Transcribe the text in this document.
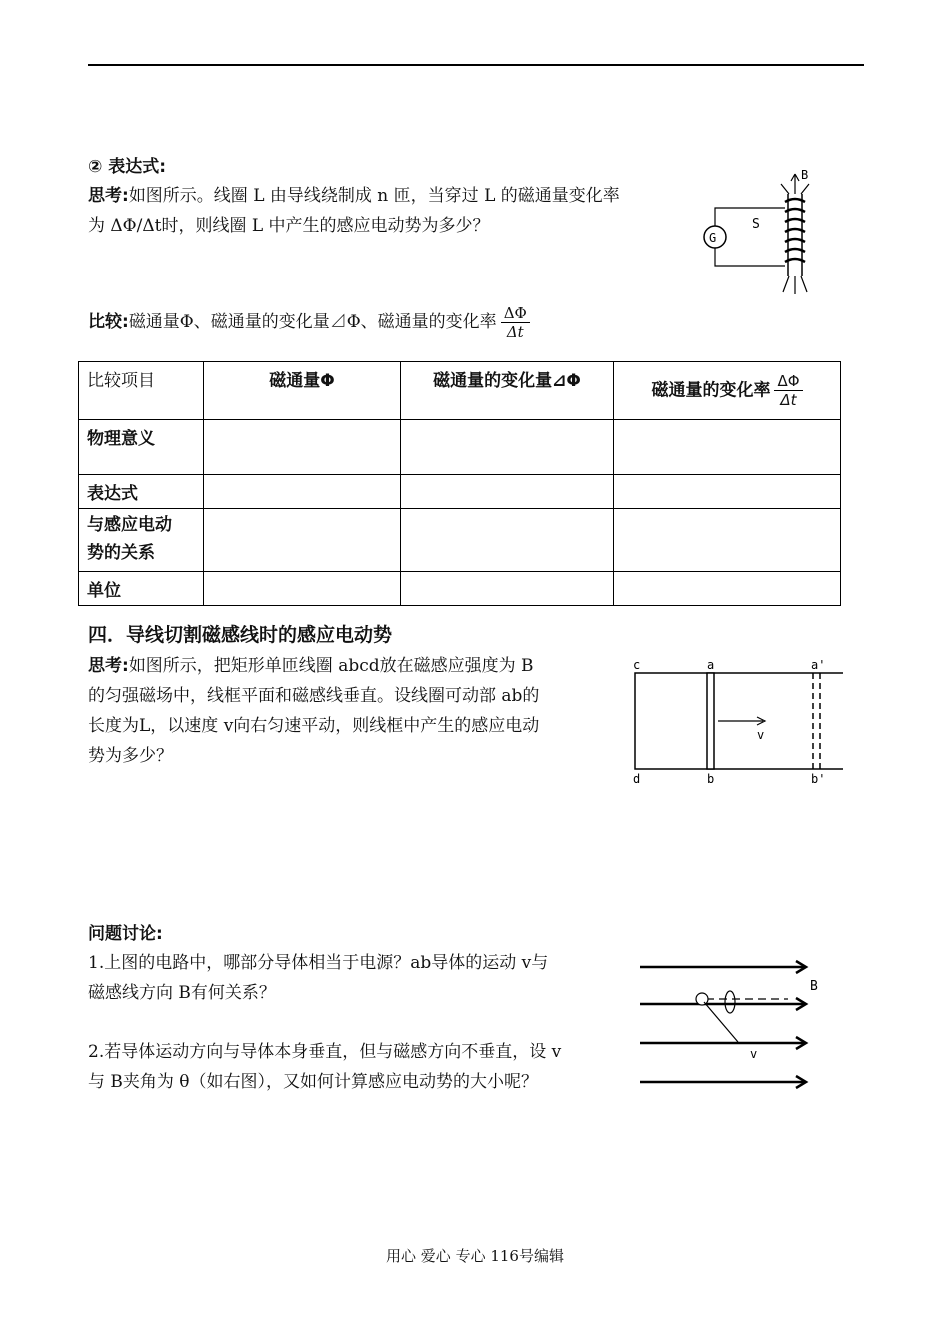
② 表达式:
思考:如图所示。线圈 L 由导线绕制成 n 匝，当穿过 L 的磁通量变化率
为 ΔΦ/Δt时，则线圈 L 中产生的感应电动势为多少？
G
S
B
比较:磁通量Φ、磁通量的变化量⊿Φ、磁通量的变化率 $\frac{\Delta\Phi}{\Delta t}$
比较项目	磁通量Φ	磁通量的变化量⊿Φ	磁通量的变化率 $\frac{\Delta\Phi}{\Delta t}$

物理意义			
表达式			

与感应电动
势的关系			

单位			
四．导线切割磁感线时的感应电动势
思考:如图所示，把矩形单匝线圈 abcd放在磁感应强度为 B
的匀强磁场中，线框平面和磁感线垂直。设线圈可动部 ab的
长度为L，以速度 v向右匀速平动，则线框中产生的感应电动
势为多少？
v
c	a	a'
d	b	b'
问题讨论:
1.上图的电路中，哪部分导体相当于电源？ab导体的运动 v与
磁感线方向 B有何关系？
2.若导体运动方向与导体本身垂直，但与磁感方向不垂直，设 v
与 B夹角为 θ（如右图），又如何计算感应电动势的大小呢？
B
v
用心 爱心 专心 116号编辑
